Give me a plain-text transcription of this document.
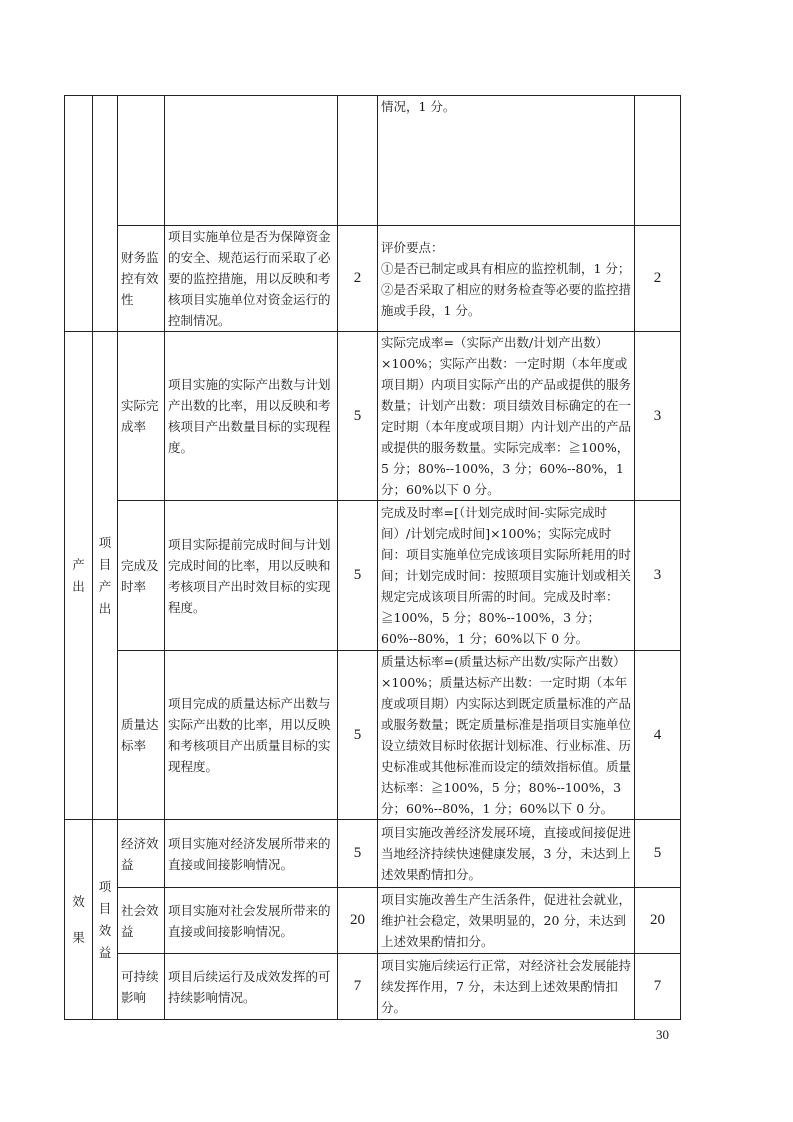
					情况，1 分。	

		财务监控有效性	项目实施单位是否为保障资金的安全、规范运行而采取了必要的监控措施，用以反映和考核项目实施单位对资金运行的控制情况。	2	评价要点：
①是否已制定或具有相应的监控机制，1 分；
②是否采取了相应的财务检查等必要的监控措施或手段，1 分。	2
产出	项目产出	实际完成率	项目实施的实际产出数与计划产出数的比率，用以反映和考核项目产出数量目标的实现程度。	5	实际完成率=（实际产出数/计划产出数）×100%；实际产出数：一定时期（本年度或项目期）内项目实际产出的产品或提供的服务数量；计划产出数：项目绩效目标确定的在一定时期（本年度或项目期）内计划产出的产品或提供的服务数量。实际完成率：≧100%，5 分；80%--100%，3 分；60%--80%，1 分；60%以下 0 分。	3
		完成及时率	项目实际提前完成时间与计划完成时间的比率，用以反映和考核项目产出时效目标的实现程度。	5	完成及时率=[（计划完成时间-实际完成时间）/计划完成时间]×100%；实际完成时间：项目实施单位完成该项目实际所耗用的时间；计划完成时间：按照项目实施计划或相关规定完成该项目所需的时间。完成及时率：≧100%，5 分；80%--100%，3 分；60%--80%，1 分；60%以下 0 分。	3
		质量达标率	项目完成的质量达标产出数与实际产出数的比率，用以反映和考核项目产出质量目标的实现程度。	5	质量达标率=(质量达标产出数/实际产出数）×100%；质量达标产出数：一定时期（本年度或项目期）内实际达到既定质量标准的产品或服务数量；既定质量标准是指项目实施单位设立绩效目标时依据计划标准、行业标准、历史标准或其他标准而设定的绩效指标值。质量达标率：≧100%，5 分；80%--100%，3 分；60%--80%，1 分；60%以下 0 分。	4
效果	项目效益	经济效益	项目实施对经济发展所带来的直接或间接影响情况。	5	项目实施改善经济发展环境，直接或间接促进当地经济持续快速健康发展，3 分，未达到上述效果酌情扣分。	5
		社会效益	项目实施对社会发展所带来的直接或间接影响情况。	20	项目实施改善生产生活条件，促进社会就业，维护社会稳定，效果明显的，20 分，未达到上述效果酌情扣分。	20
		可持续影响	项目后续运行及成效发挥的可持续影响情况。	7	项目实施后续运行正常，对经济社会发展能持续发挥作用，7 分，未达到上述效果酌情扣分。	7
30
